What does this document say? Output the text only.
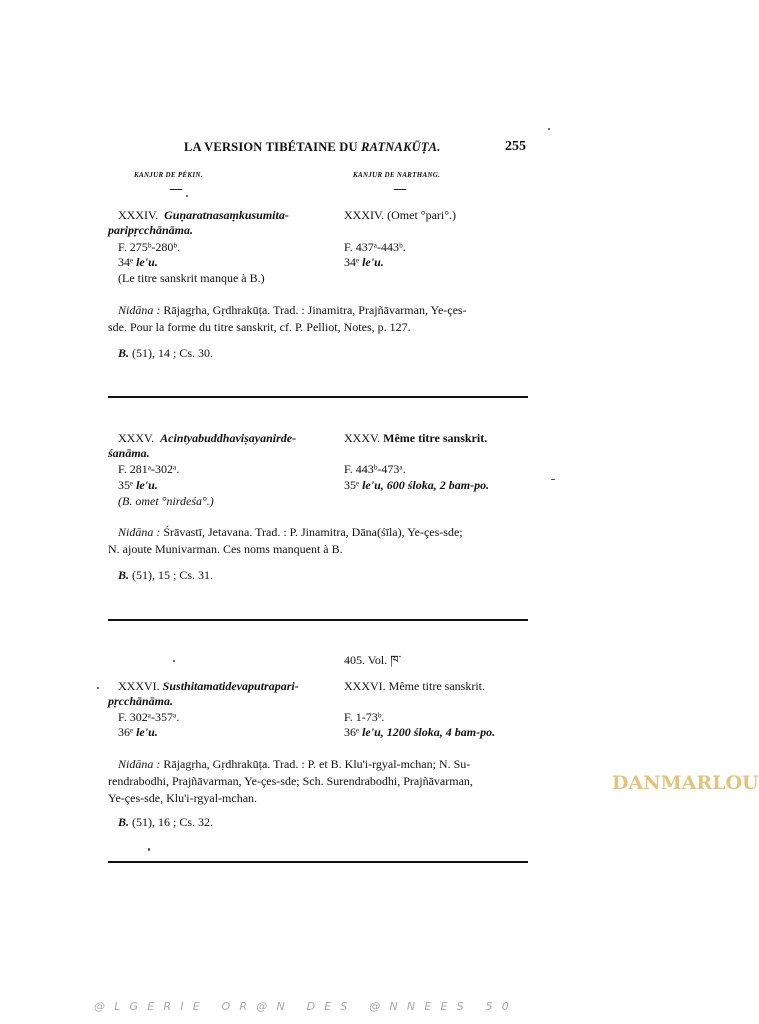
LA VERSION TIBÉTAINE DU RATNAKŪṬA.	255
KANJUR DE PÉKIN.	KANJUR DE NARTHANG.
XXXIV. Guṇaratnasaṃkusumita-
paripṛcchānāma.
F. 275ᵇ-280ᵇ.
34ᵉ le'u.
(Le titre sanskrit manque à B.)
XXXIV. (Omet °pari°.)
F. 437ᵃ-443ᵇ.
34ᵉ le'u.
Nidāna : Rājagṛha, Gṛdhrakūṭa. Trad. : Jinamitra, Prajñāvarman, Ye-çes-
sde. Pour la forme du titre sanskrit, cf. P. Pelliot, Notes, p. 127.
B. (51), 14 ; Cs. 30.
XXXV. Acintyabuddhaviṣayanirde-
śanāma.
F. 281ᵃ-302ᵃ.
35ᵉ le'u.
(B. omet °nirdeśa°.)
XXXV. Même titre sanskrit.
F. 443ᵇ-473ᵃ.
35ᵉ le'u, 600 śloka, 2 bam-po.
Nidāna : Śrāvastī, Jetavana. Trad. : P. Jinamitra, Dāna(śīla), Ye-çes-sde;
N. ajoute Munivarman. Ces noms manquent à B.
B. (51), 15 ; Cs. 31.
405. Vol. ཁ་
XXXVI. Susthitamatidevaputrapari-
pṛcchānāma.
F. 302ᵃ-357ᵃ.
36ᵉ le'u.
XXXVI. Même titre sanskrit.
F. 1-73ᵇ.
36ᵉ le'u, 1200 śloka, 4 bam-po.
Nidāna : Rājagṛha, Gṛdhrakūṭa. Trad. : P. et B. Klu'i-rgyal-mchan; N. Su-
rendrabodhi, Prajñāvarman, Ye-çes-sde; Sch. Surendrabodhi, Prajñāvarman,
Ye-çes-sde, Klu'i-rgyal-mchan.
B. (51), 16 ; Cs. 32.
DANMARLOU
@LGERIE OR@N DES @NNEES 50
